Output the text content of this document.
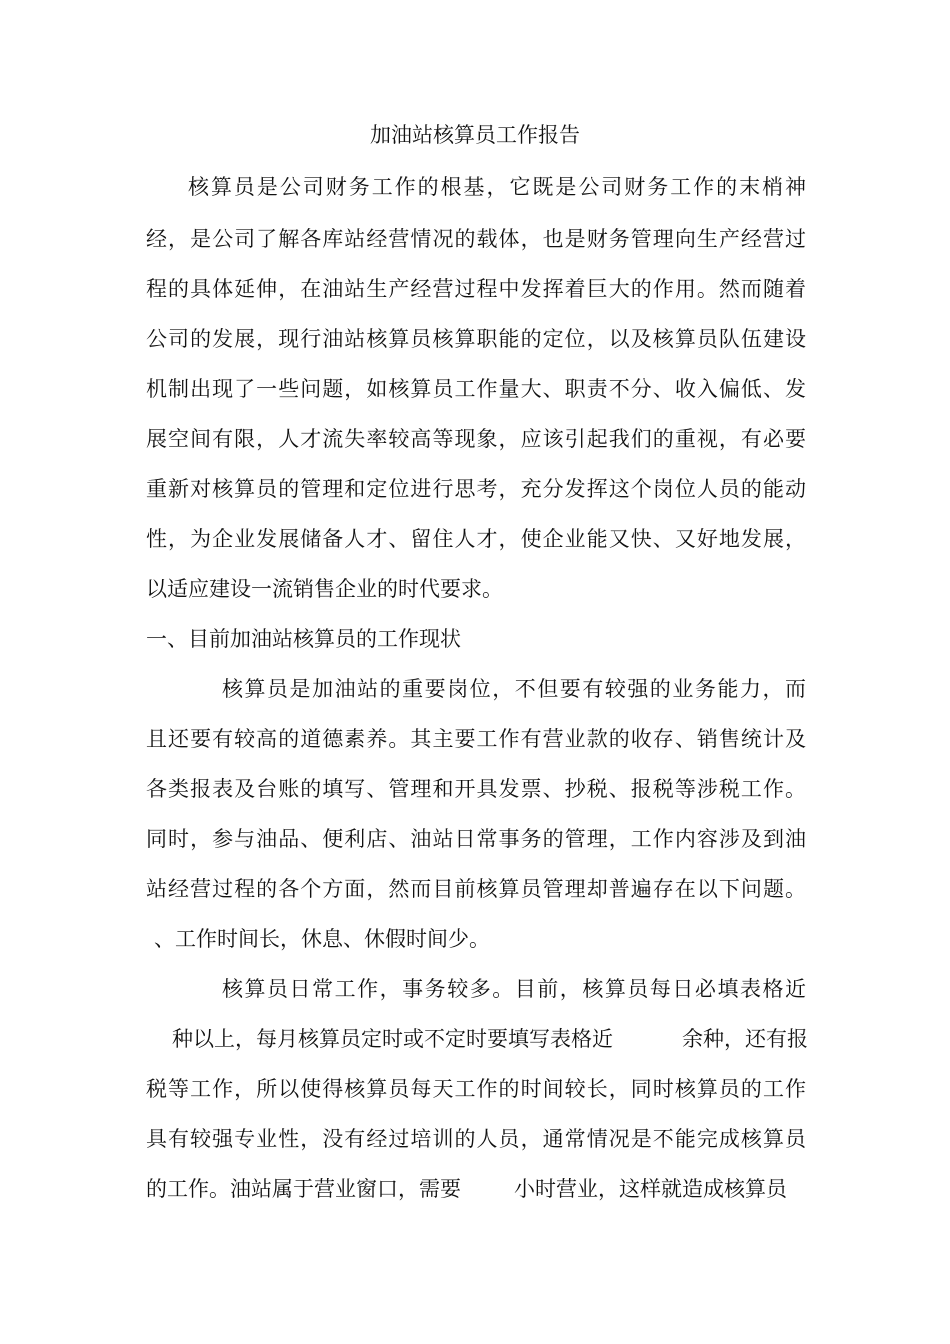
加油站核算员工作报告
核算员是公司财务工作的根基，它既是公司财务工作的末梢神
经，是公司了解各库站经营情况的载体，也是财务管理向生产经营过
程的具体延伸，在油站生产经营过程中发挥着巨大的作用。然而随着
公司的发展，现行油站核算员核算职能的定位，以及核算员队伍建设
机制出现了一些问题，如核算员工作量大、职责不分、收入偏低、发
展空间有限，人才流失率较高等现象，应该引起我们的重视，有必要
重新对核算员的管理和定位进行思考，充分发挥这个岗位人员的能动
性，为企业发展储备人才、留住人才，使企业能又快、又好地发展，
以适应建设一流销售企业的时代要求。
一、目前加油站核算员的工作现状
核算员是加油站的重要岗位，不但要有较强的业务能力，而
且还要有较高的道德素养。其主要工作有营业款的收存、销售统计及
各类报表及台账的填写、管理和开具发票、抄税、报税等涉税工作。
同时，参与油品、便利店、油站日常事务的管理，工作内容涉及到油
站经营过程的各个方面，然而目前核算员管理却普遍存在以下问题。
、工作时间长，休息、休假时间少。
核算员日常工作，事务较多。目前，核算员每日必填表格近
种以上，每月核算员定时或不定时要填写表格近	余种，还有报
税等工作，所以使得核算员每天工作的时间较长，同时核算员的工作
具有较强专业性，没有经过培训的人员，通常情况是不能完成核算员
的工作。油站属于营业窗口，需要	小时营业，这样就造成核算员
